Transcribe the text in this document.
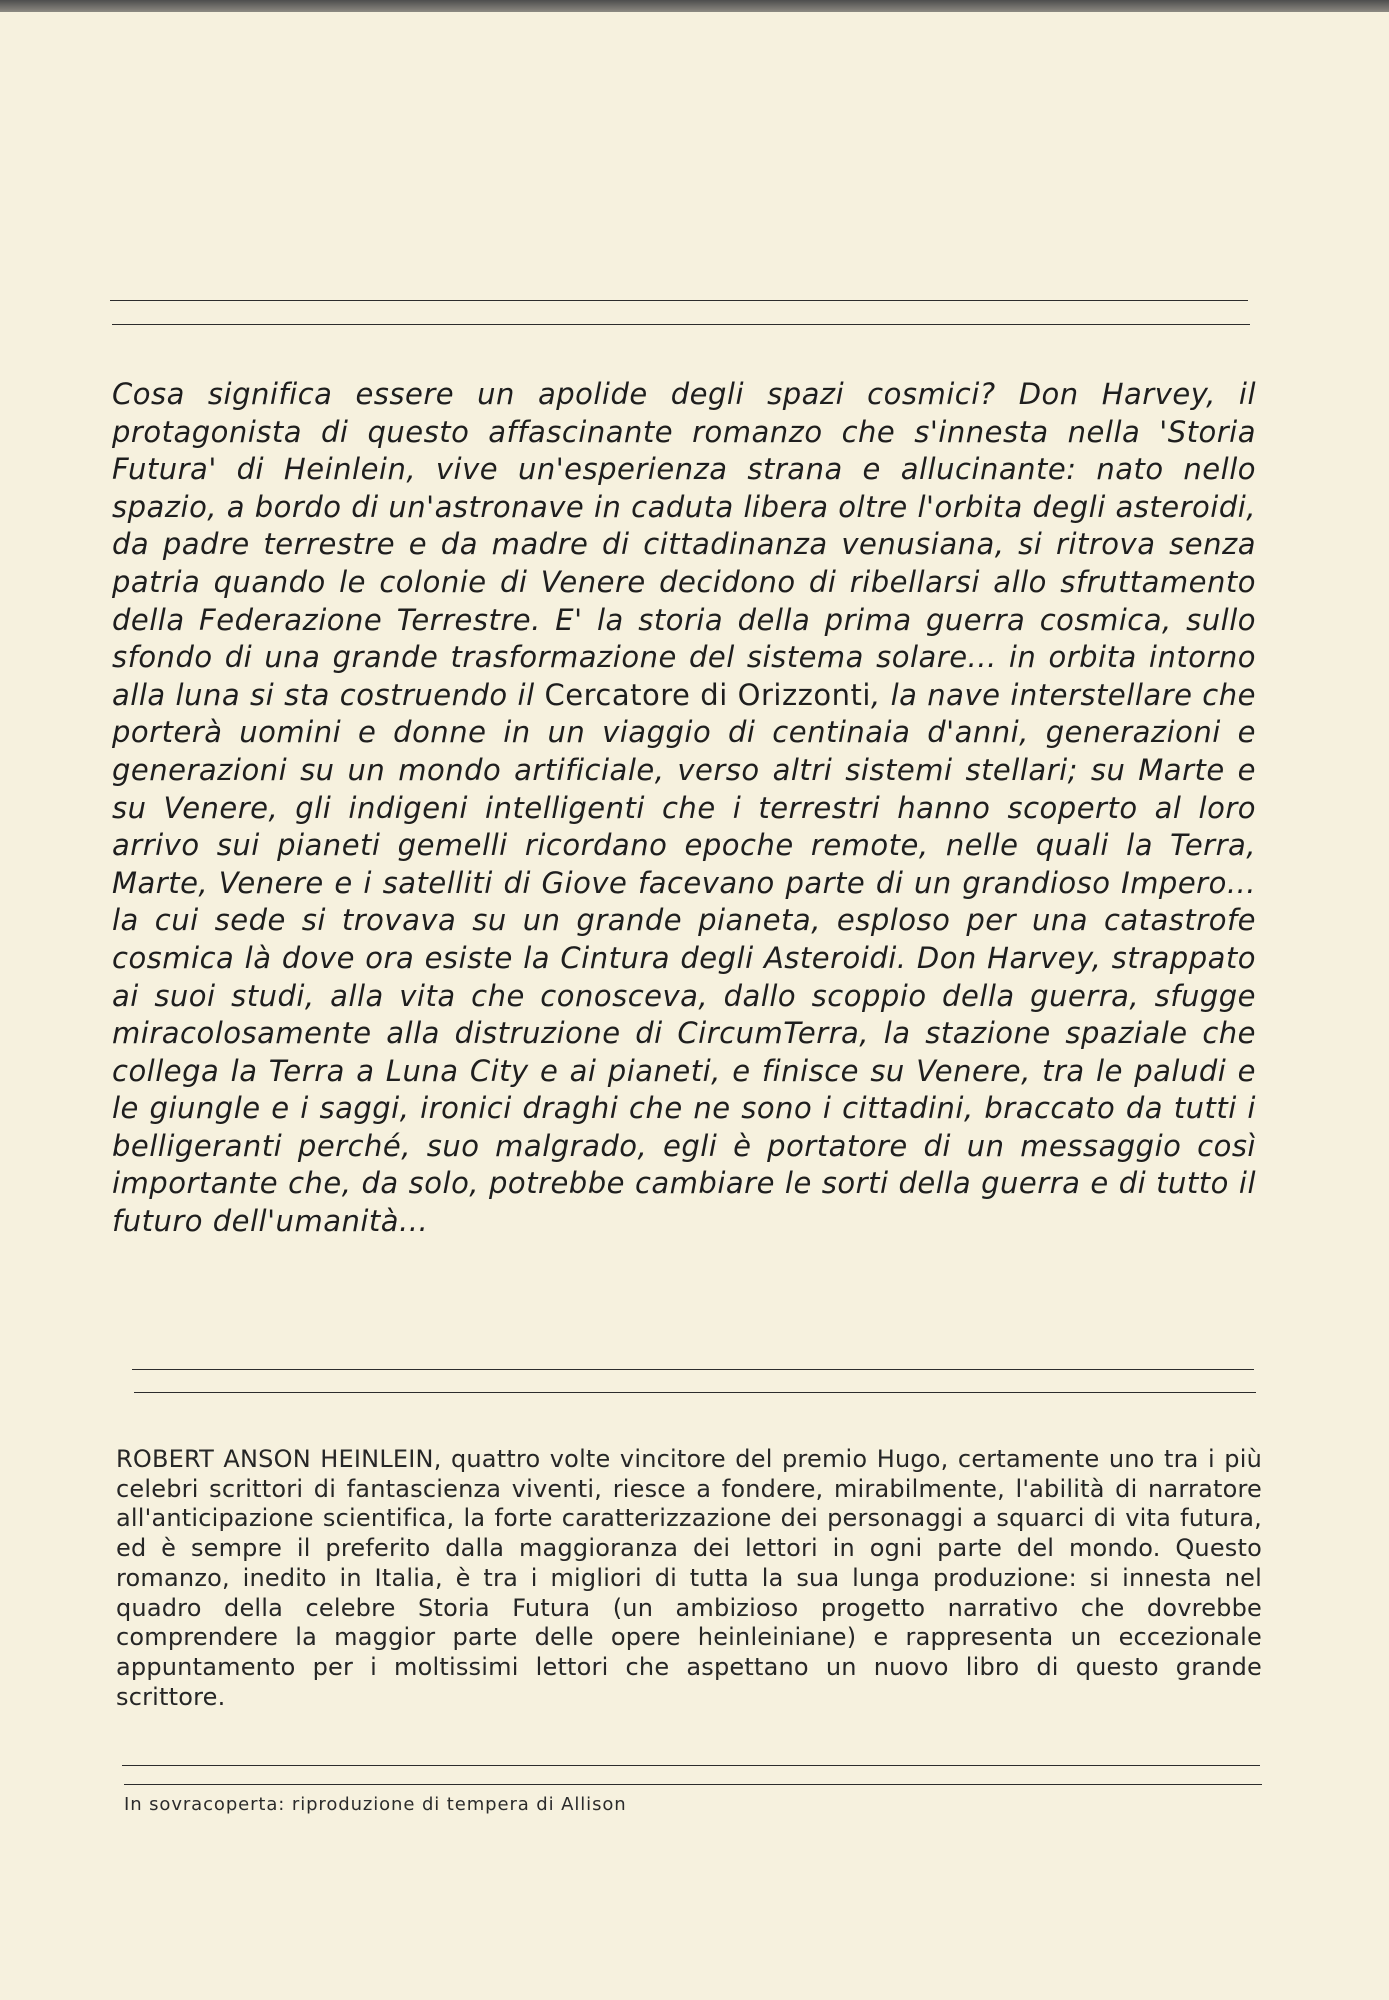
Cosa significa essere un apolide degli spazi cosmici? Don Harvey, il protagonista di questo affascinante romanzo che s'innesta nella 'Storia Futura' di Heinlein, vive un'esperienza strana e allucinante: nato nello spazio, a bordo di un'astronave in caduta libera oltre l'orbita degli asteroidi, da padre terrestre e da madre di cittadinanza venusiana, si ritrova senza patria quando le colonie di Venere decidono di ribellarsi allo sfruttamento della Federazione Terrestre. E' la storia della prima guerra cosmica, sullo sfondo di una grande trasformazione del sistema solare... in orbita intorno alla luna si sta costruendo il Cercatore di Orizzonti, la nave interstellare che porterà uomini e donne in un viaggio di centinaia d'anni, generazioni e generazioni su un mondo artificiale, verso altri sistemi stellari; su Marte e su Venere, gli indigeni intelligenti che i terrestri hanno scoperto al loro arrivo sui pianeti gemelli ricordano epoche remote, nelle quali la Terra, Marte, Venere e i satelliti di Giove facevano parte di un grandioso Impero... la cui sede si trovava su un grande pianeta, esploso per una catastrofe cosmica là dove ora esiste la Cintura degli Asteroidi. Don Harvey, strappato ai suoi studi, alla vita che conosceva, dallo scoppio della guerra, sfugge miracolosamente alla distruzione di CircumTerra, la stazione spaziale che collega la Terra a Luna City e ai pianeti, e finisce su Venere, tra le paludi e le giungle e i saggi, ironici draghi che ne sono i cittadini, braccato da tutti i belligeranti perché, suo malgrado, egli è portatore di un messaggio così importante che, da solo, potrebbe cambiare le sorti della guerra e di tutto il futuro dell'umanità...

ROBERT ANSON HEINLEIN, quattro volte vincitore del premio Hugo, certamente uno tra i più celebri scrittori di fantascienza viventi, riesce a fondere, mirabilmente, l'abilità di narratore all'anticipazione scientifica, la forte caratterizzazione dei personaggi a squarci di vita futura, ed è sempre il preferito dalla maggioranza dei lettori in ogni parte del mondo. Questo romanzo, inedito in Italia, è tra i migliori di tutta la sua lunga produzione: si innesta nel quadro della celebre Storia Futura (un ambizioso progetto narrativo che dovrebbe comprendere la maggior parte delle opere heinleiniane) e rappresenta un eccezionale appuntamento per i moltissimi lettori che aspettano un nuovo libro di questo grande scrittore.

In sovracoperta: riproduzione di tempera di Allison
